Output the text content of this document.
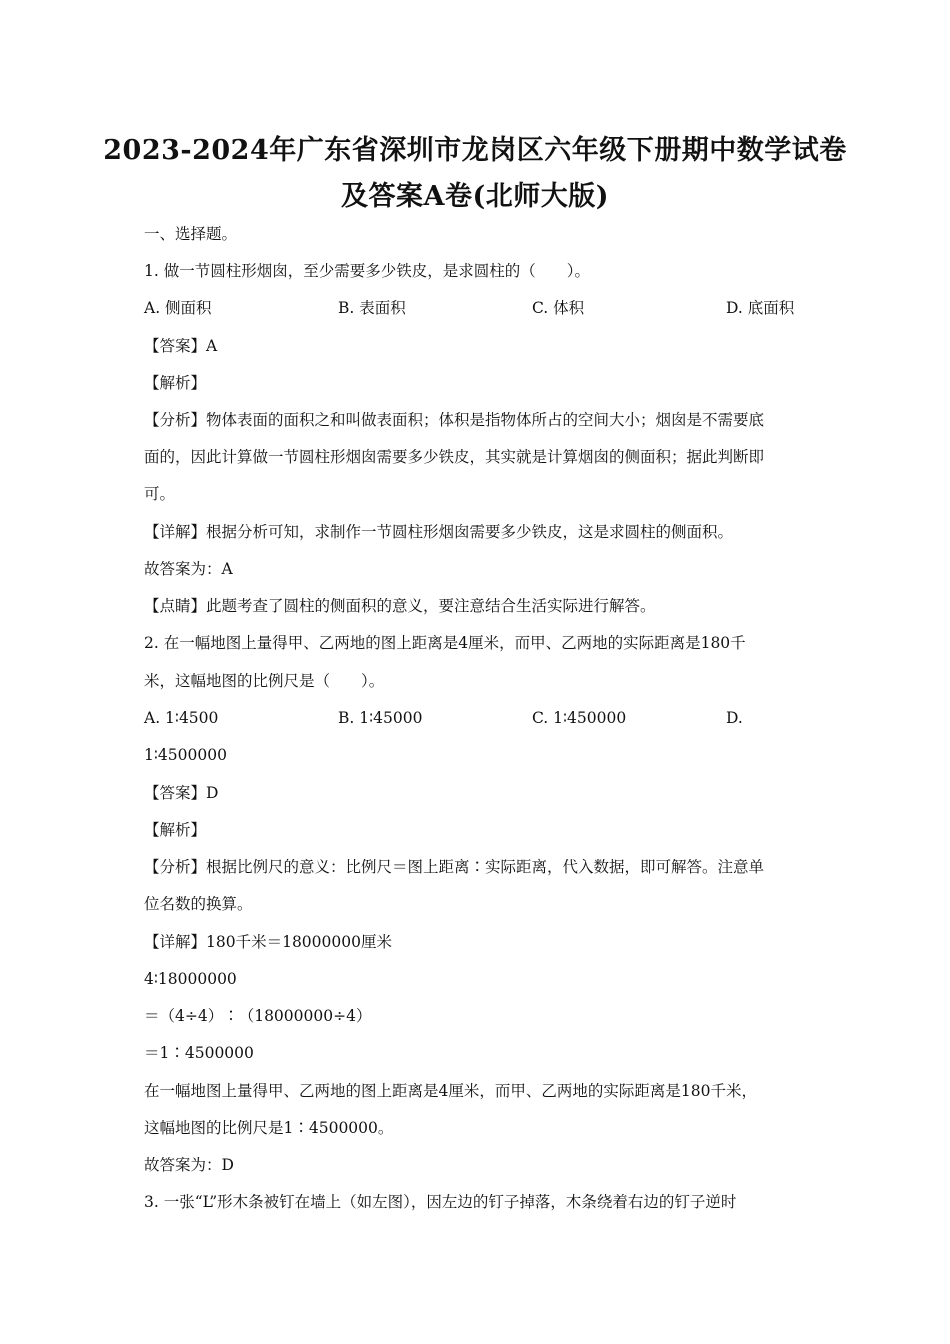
2023-2024年广东省深圳市龙岗区六年级下册期中数学试卷
及答案A卷(北师大版)
一、选择题。
1. 做一节圆柱形烟囱，至少需要多少铁皮，是求圆柱的（　　）。
A. 侧面积	B. 表面积	C. 体积	D. 底面积
【答案】A
【解析】
【分析】物体表面的面积之和叫做表面积；体积是指物体所占的空间大小；烟囱是不需要底
面的，因此计算做一节圆柱形烟囱需要多少铁皮，其实就是计算烟囱的侧面积；据此判断即
可。
【详解】根据分析可知，求制作一节圆柱形烟囱需要多少铁皮，这是求圆柱的侧面积。
故答案为：A
【点睛】此题考查了圆柱的侧面积的意义，要注意结合生活实际进行解答。
2. 在一幅地图上量得甲、乙两地的图上距离是4厘米，而甲、乙两地的实际距离是180千
米，这幅地图的比例尺是（　　）。
A. 1∶4500	B. 1∶45000	C. 1∶450000	D.
1∶4500000
【答案】D
【解析】
【分析】根据比例尺的意义：比例尺＝图上距离∶实际距离，代入数据，即可解答。注意单
位名数的换算。
【详解】180千米＝18000000厘米
4∶18000000
＝（4÷4）∶（18000000÷4）
＝1∶4500000
在一幅地图上量得甲、乙两地的图上距离是4厘米，而甲、乙两地的实际距离是180千米，
这幅地图的比例尺是1∶4500000。
故答案为：D
3. 一张“L”形木条被钉在墙上（如左图），因左边的钉子掉落，木条绕着右边的钉子逆时
